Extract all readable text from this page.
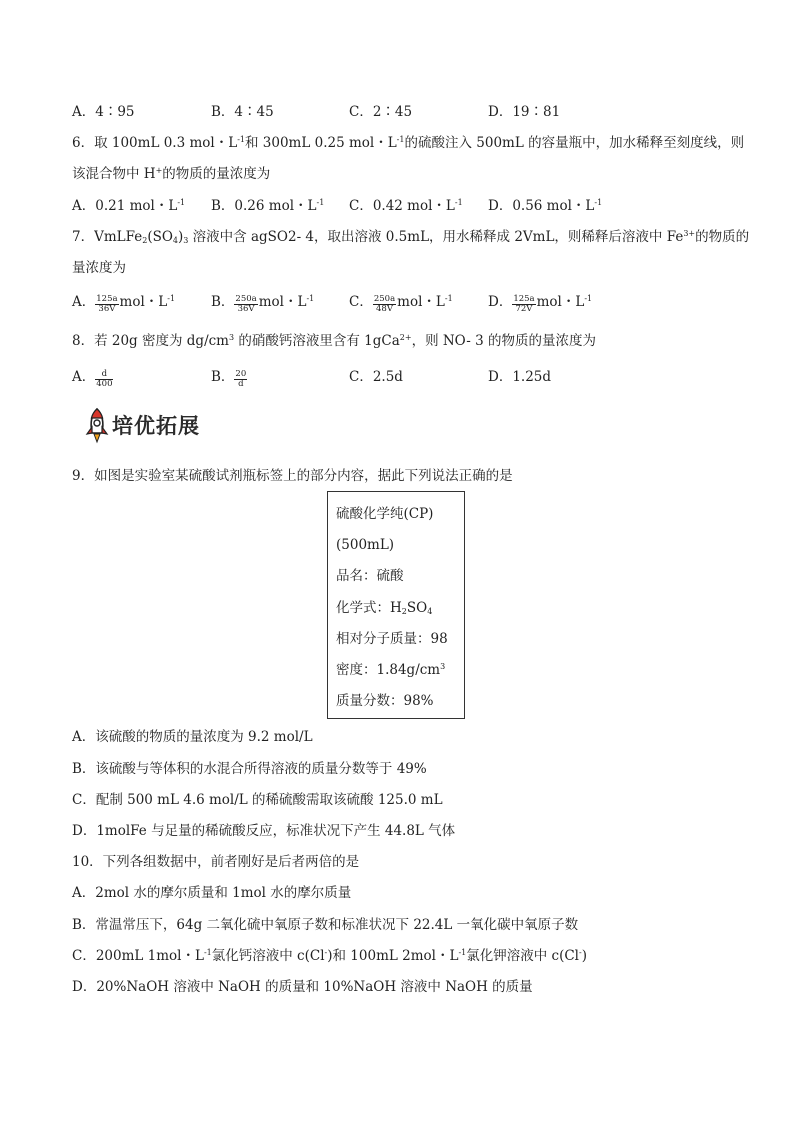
A．4∶95	B．4∶45	C．2∶45	D．19∶81
6．取 100mL 0.3 mol・$L^{-1}$和 300mL 0.25 mol・$L^{-1}$的硫酸注入 500mL 的容量瓶中，加水稀释至刻度线，则
该混合物中 H+的物质的量浓度为
A．0.21 mol・$L^{-1}$ B．0.26 mol・$L^{-1}$ C．0.42 mol・$L^{-1}$ D．0.56 mol・$L^{-1}$
7．$VmLFe_2(SO_4)_3$ 溶液中含 agSO2- 4，取出溶液 0.5mL，用水稀释成 2VmL，则稀释后溶液中 $Fe^{3+}$的物质的
量浓度为
A． $\frac{125a}{36V}$ mol・$L^{-1}$	B． $\frac{250a}{36V}$ mol・$L^{-1}$	C． $\frac{250a}{48V}$ mol・$L^{-1}$	D． $\frac{125a}{72V}$ mol・$L^{-1}$
8．若 20g 密度为 $dg/cm^3$ 的硝酸钙溶液里含有 1gCa$^{2+}$，则 NO- 3 的物质的量浓度为
A． $\frac{d}{400}$	B． $\frac{20}{d}$	C．2.5d	D．1.25d
培优拓展
9．如图是实验室某硫酸试剂瓶标签上的部分内容，据此下列说法正确的是
硫酸化学纯(CP)
(500mL)
品名：硫酸
化学式：$H_2SO_4$
相对分子质量：98
密度：$1.84g/cm^3$
质量分数：98%
A．该硫酸的物质的量浓度为 9.2 mol/L
B．该硫酸与等体积的水混合所得溶液的质量分数等于 49%
C．配制 500 mL 4.6 mol/L 的稀硫酸需取该硫酸 125.0 mL
D．1molFe 与足量的稀硫酸反应，标准状况下产生 44.8L 气体
10．下列各组数据中，前者刚好是后者两倍的是
A．2mol 水的摩尔质量和 1mol 水的摩尔质量
B．常温常压下，64g 二氧化硫中氧原子数和标准状况下 22.4L 一氧化碳中氧原子数
C．200mL 1mol・$L^{-1}$氯化钙溶液中 c(Cl-)和 100mL 2mol・$L^{-1}$氯化钾溶液中 c(Cl-)
D．20%NaOH 溶液中 NaOH 的质量和 10%NaOH 溶液中 NaOH 的质量
